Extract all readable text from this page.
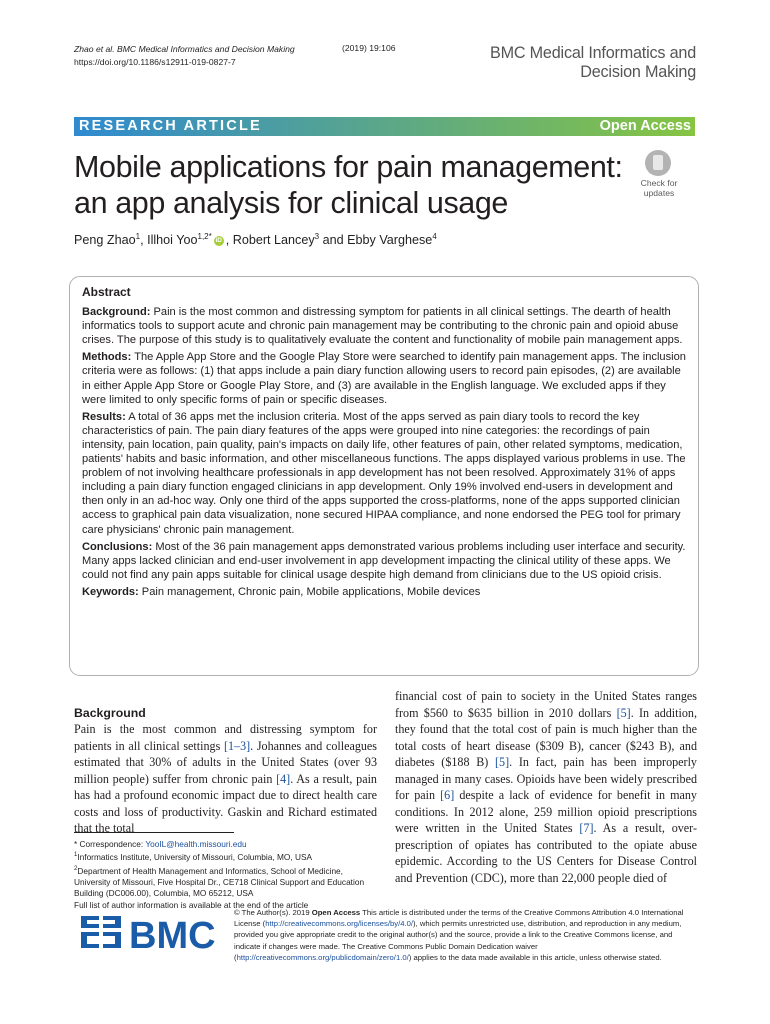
Zhao et al. BMC Medical Informatics and Decision Making
https://doi.org/10.1186/s12911-019-0827-7
(2019) 19:106	BMC Medical Informatics and
Decision Making
RESEARCH ARTICLE	Open Access
Mobile applications for pain management:
an app analysis for clinical usage
Check for
updates
Peng Zhao$^1$, Illhoi Yoo$^{1,2*}$ iD , Robert Lancey$^3$ and Ebby Varghese$^4$
Abstract

Background: Pain is the most common and distressing symptom for patients in all clinical settings. The dearth of health informatics tools to support acute and chronic pain management may be contributing to the chronic pain and opioid abuse crises. The purpose of this study is to qualitatively evaluate the content and functionality of mobile pain management apps.

Methods: The Apple App Store and the Google Play Store were searched to identify pain management apps. The inclusion criteria were as follows: (1) that apps include a pain diary function allowing users to record pain episodes, (2) are available in either Apple App Store or Google Play Store, and (3) are available in the English language. We excluded apps if they were limited to only specific forms of pain or specific diseases.

Results: A total of 36 apps met the inclusion criteria. Most of the apps served as pain diary tools to record the key characteristics of pain. The pain diary features of the apps were grouped into nine categories: the recordings of pain intensity, pain location, pain quality, pain's impacts on daily life, other features of pain, other related symptoms, medication, patients' habits and basic information, and other miscellaneous functions. The apps displayed various problems in use. The problem of not involving healthcare professionals in app development has not been resolved. Approximately 31% of apps including a pain diary function engaged clinicians in app development. Only 19% involved end-users in development and then only in an ad-hoc way. Only one third of the apps supported the cross-platforms, none of the apps supported clinician access to graphical pain data visualization, none secured HIPAA compliance, and none endorsed the PEG tool for primary care physicians' chronic pain management.

Conclusions: Most of the 36 pain management apps demonstrated various problems including user interface and security. Many apps lacked clinician and end-user involvement in app development impacting the clinical utility of these apps. We could not find any pain apps suitable for clinical usage despite high demand from clinicians due to the US opioid crisis.

Keywords: Pain management, Chronic pain, Mobile applications, Mobile devices

Background

Pain is the most common and distressing symptom for patients in all clinical settings [1–3]. Johannes and colleagues estimated that 30% of adults in the United States (over 93 million people) suffer from chronic pain [4]. As a result, pain has had a profound economic impact due to direct health care costs and loss of productivity. Gaskin and Richard estimated that the total

financial cost of pain to society in the United States ranges from $560 to $635 billion in 2010 dollars [5]. In addition, they found that the total cost of pain is much higher than the total costs of heart disease ($309 B), cancer ($243 B), and diabetes ($188 B) [5]. In fact, pain has been improperly managed in many cases. Opioids have been widely prescribed for pain [6] despite a lack of evidence for benefit in many conditions. In 2012 alone, 259 million opioid prescriptions were written in the United States [7]. As a result, over-prescription of opiates has contributed to the opiate abuse epidemic. According to the US Centers for Disease Control and Prevention (CDC), more than 22,000 people died of

* Correspondence: YooIL@health.missouri.edu
$^1$Informatics Institute, University of Missouri, Columbia, MO, USA
$^2$Department of Health Management and Informatics, School of Medicine, University of Missouri, Five Hospital Dr., CE718 Clinical Support and Education Building (DC006.00), Columbia, MO 65212, USA
Full list of author information is available at the end of the article
BMC
© The Author(s). 2019 Open Access This article is distributed under the terms of the Creative Commons Attribution 4.0 International License (http://creativecommons.org/licenses/by/4.0/), which permits unrestricted use, distribution, and reproduction in any medium, provided you give appropriate credit to the original author(s) and the source, provide a link to the Creative Commons license, and indicate if changes were made. The Creative Commons Public Domain Dedication waiver (http://creativecommons.org/publicdomain/zero/1.0/) applies to the data made available in this article, unless otherwise stated.
